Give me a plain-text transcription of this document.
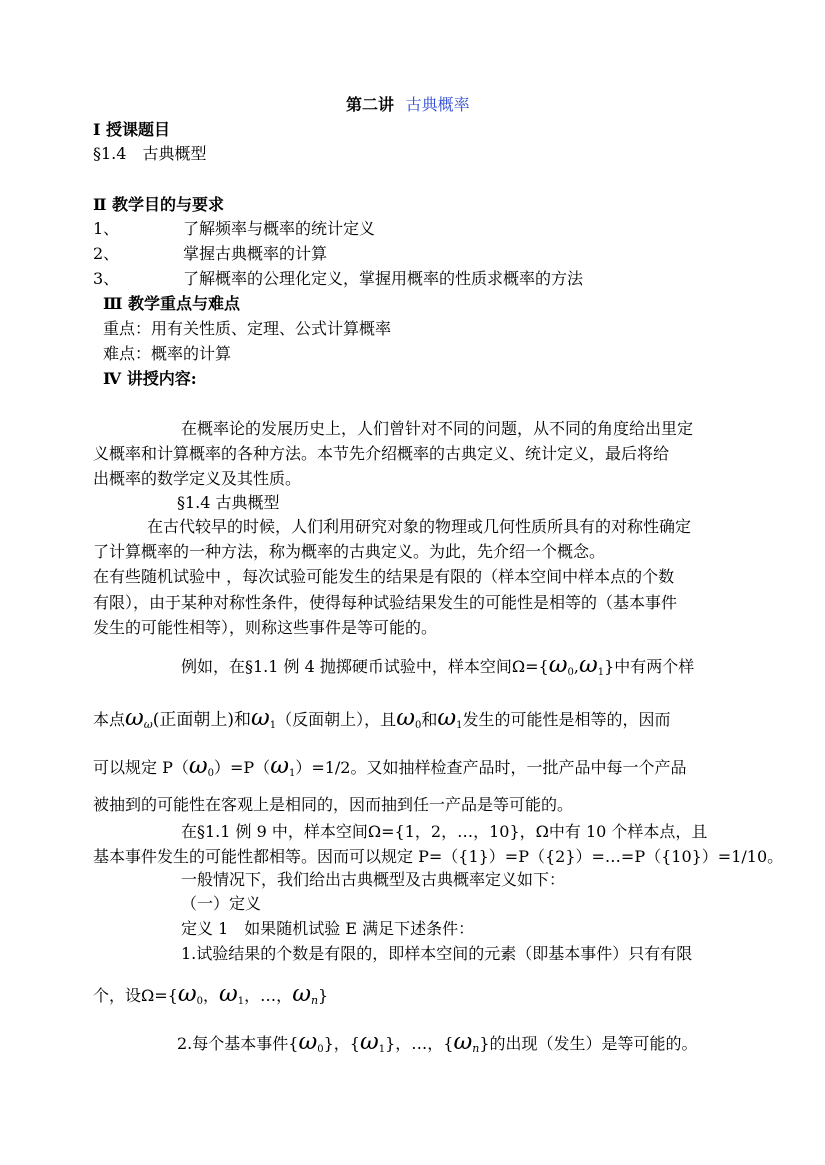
第二讲 古典概率
Ⅰ 授课题目
§1.4　古典概型
Ⅱ 教学目的与要求
1、	了解频率与概率的统计定义
2、	掌握古典概率的计算
3、	了解概率的公理化定义，掌握用概率的性质求概率的方法
Ⅲ 教学重点与难点
重点：用有关性质、定理、公式计算概率
难点：概率的计算
Ⅳ 讲授内容:
在概率论的发展历史上，人们曾针对不同的问题，从不同的角度给出里定
义概率和计算概率的各种方法。本节先介绍概率的古典定义、统计定义，最后将给
出概率的数学定义及其性质。
§1.4 古典概型
在古代较早的时候，人们利用研究对象的物理或几何性质所具有的对称性确定
了计算概率的一种方法，称为概率的古典定义。为此，先介绍一个概念。
在有些随机试验中 ，每次试验可能发生的结果是有限的（样本空间中样本点的个数
有限），由于某种对称性条件，使得每种试验结果发生的可能性是相等的（基本事件
发生的可能性相等），则称这些事件是等可能的。
例如，在§1.1 例 4 抛掷硬币试验中，样本空间$\Omega=\{\omega_0,\omega_1\}$中有两个样
本点ωω(正面朝上)和$\omega_1$（反面朝上），且$\omega_0$和$\omega_1$发生的可能性是相等的，因而
可以规定 $P(\omega_0)=P(\omega_1)=1/2$。又如抽样检查产品时，一批产品中每一个产品
被抽到的可能性在客观上是相同的，因而抽到任一产品是等可能的。
在§1.1 例 9 中，样本空间Ω={1，2，…，10}，Ω中有 10 个样本点，且
基本事件发生的可能性都相等。因而可以规定 P=（{1}）=P（{2}）=…=P（{10}）=1/10。
一般情况下，我们给出古典概型及古典概率定义如下：
（一）定义
定义 1　如果随机试验 E 满足下述条件：
1.试验结果的个数是有限的，即样本空间的元素（即基本事件）只有有限
个，设$\Omega=\{\omega_0$，$\omega_1$，…，ωn}
2.每个基本事件$\{\omega_0\}$，$\{\omega_1\}$，…，{ωn}的出现（发生）是等可能的。
